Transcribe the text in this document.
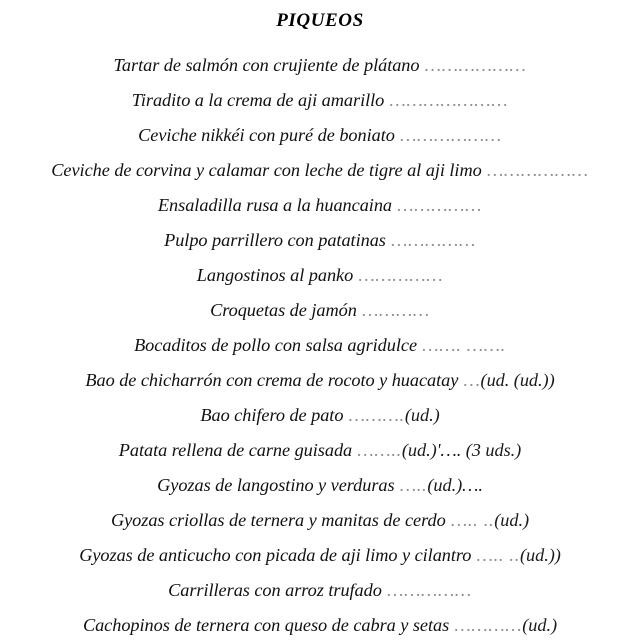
PIQUEOS
Tartar de salmón con crujiente de plátano ………………
Tiradito a la crema de aji amarillo …………………
Ceviche nikkéi con puré de boniato ………………
Ceviche de corvina y calamar con leche de tigre al aji limo ………………
Ensaladilla rusa a la huancaina ……………
Pulpo parrillero con patatinas ……………
Langostinos al panko ……………
Croquetas de jamón …………
Bocaditos de pollo con salsa agridulce ……. …….
Bao de chicharrón con crema de rocoto y huacatay …(ud. (ud.))
Bao chifero de pato ……….(ud.)
Patata rellena de carne guisada ……..(ud.)'…. (3 uds.)
Gyozas de langostino y verduras …..(ud.)….
Gyozas criollas de ternera y manitas de cerdo ….. ..(ud.)
Gyozas de anticucho con picada de aji limo y cilantro ….. ..(ud.))
Carrilleras con arroz trufado ……………
Cachopinos de ternera con queso de cabra y setas …………(ud.)
